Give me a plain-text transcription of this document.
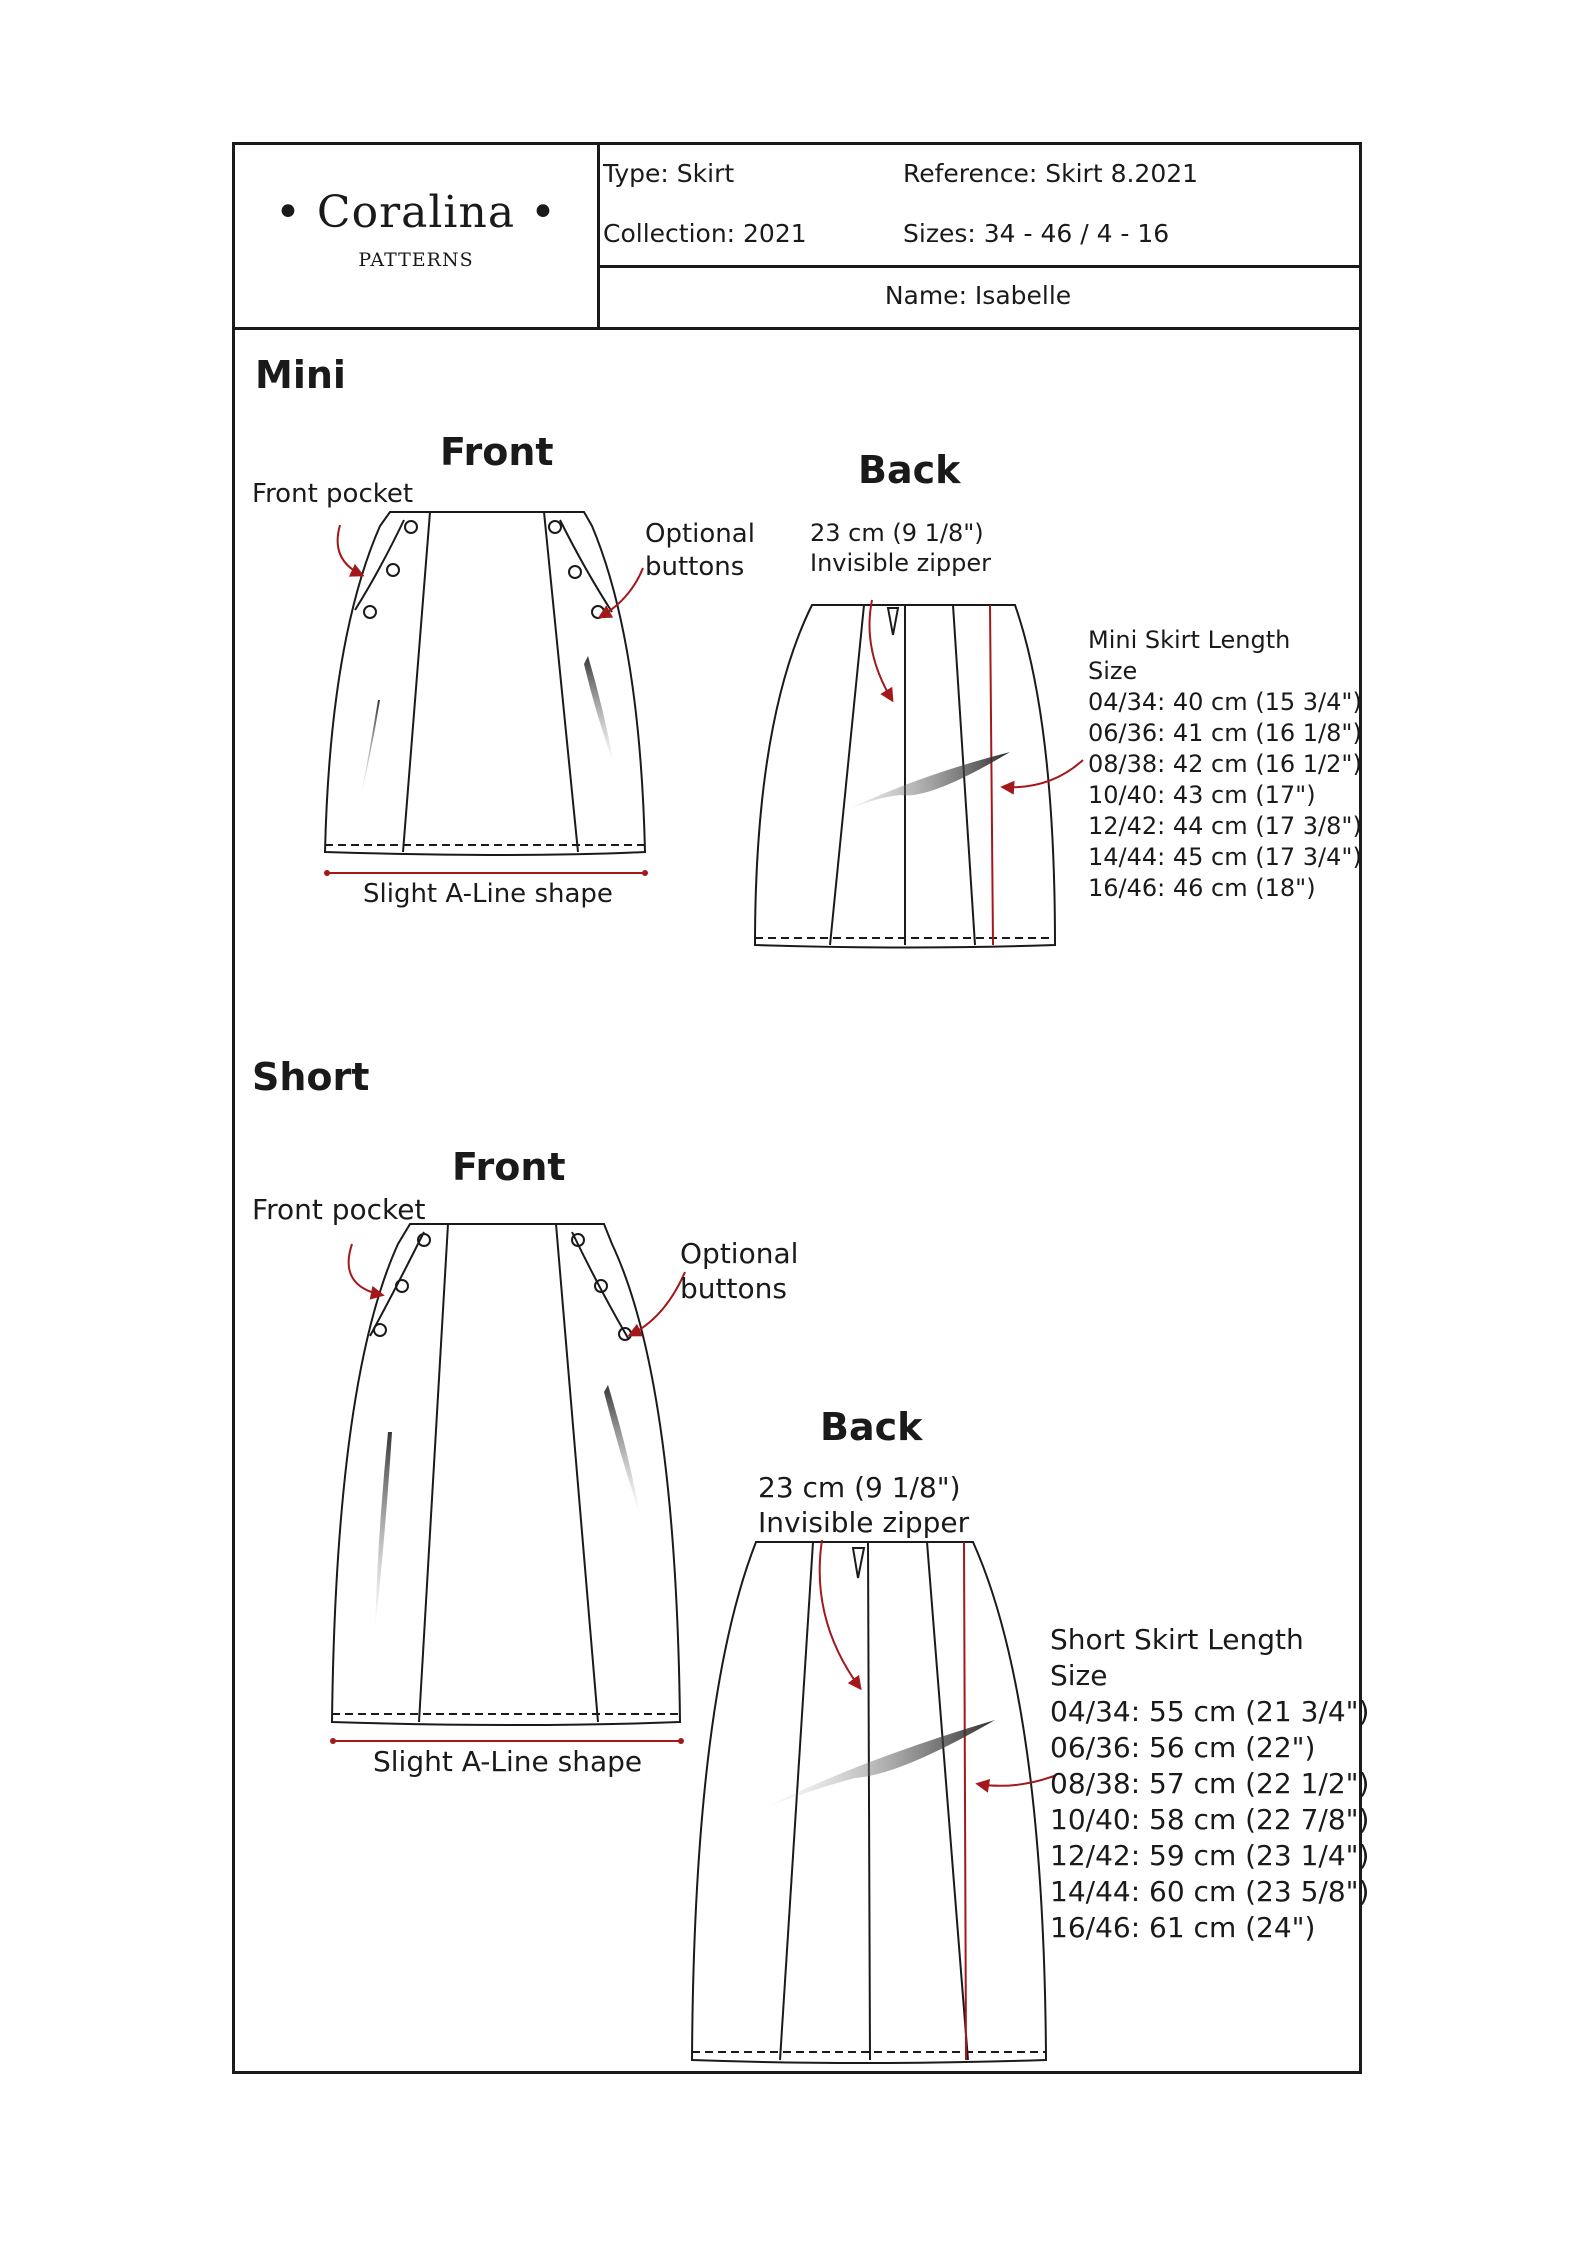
• Coralina •
PATTERNS
Type: Skirt	Reference: Skirt 8.2021
Collection: 2021	Sizes: 34 - 46 / 4 - 16
Name: Isabelle
Mini
Front	Back
Front pocket
Optional
buttons
23 cm (9 1/8")
Invisible zipper
Slight A-Line shape
Mini Skirt Length
Size
04/34: 40 cm (15 3/4")
06/36: 41 cm (16 1/8")
08/38: 42 cm (16 1/2")
10/40: 43 cm (17")
12/42: 44 cm (17 3/8")
14/44: 45 cm (17 3/4")
16/46: 46 cm (18")
Short
Front
Back
Front pocket
Optional
buttons
23 cm (9 1/8")
Invisible zipper
Slight A-Line shape
Short Skirt Length
Size
04/34: 55 cm (21 3/4")
06/36: 56 cm (22")
08/38: 57 cm (22 1/2")
10/40: 58 cm (22 7/8")
12/42: 59 cm (23 1/4")
14/44: 60 cm (23 5/8")
16/46: 61 cm (24")
